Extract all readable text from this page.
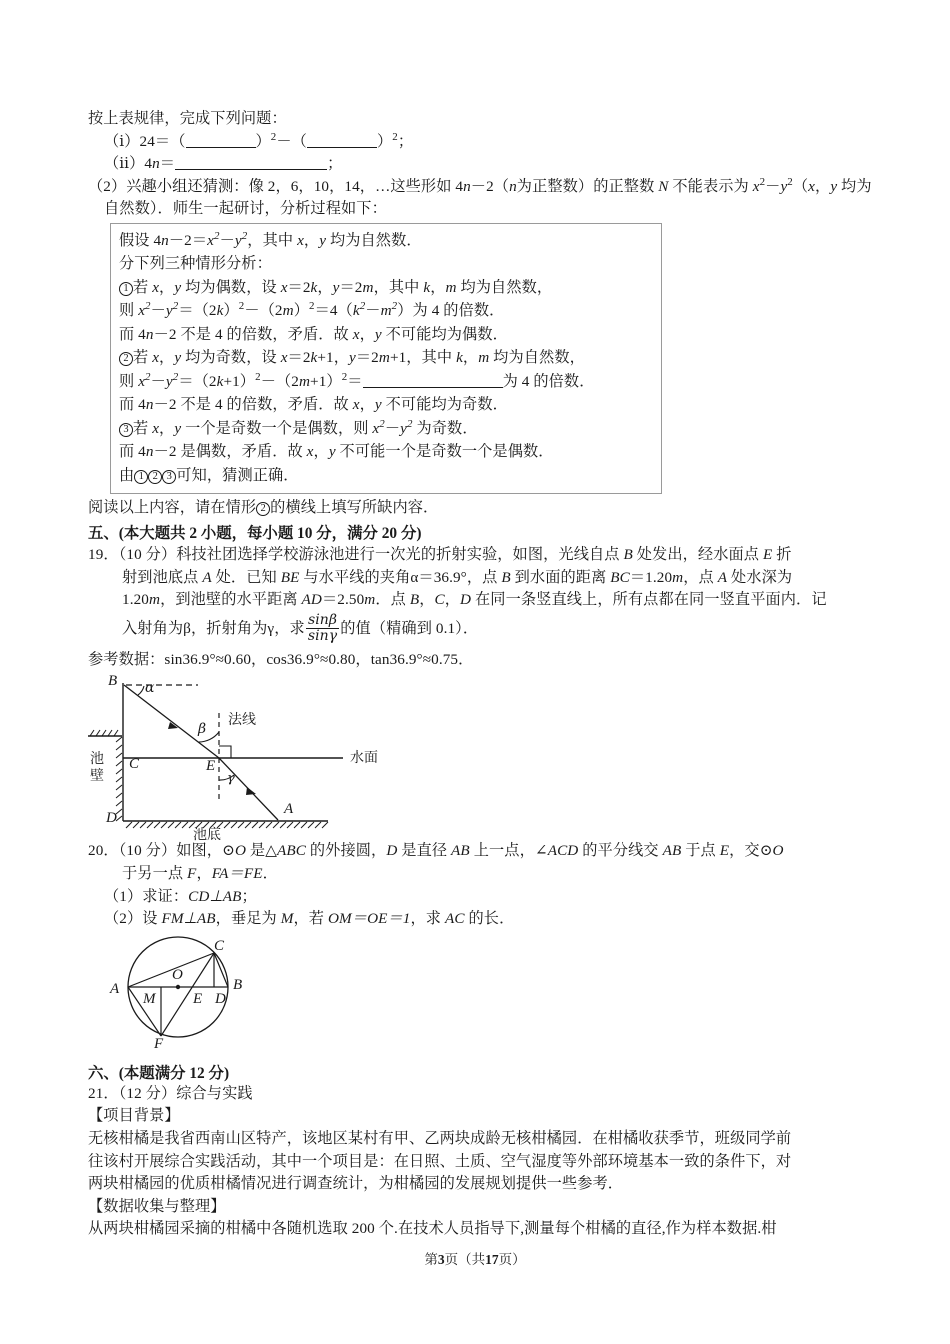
按上表规律，完成下列问题：
（ⅰ）24＝（	）$^2$－（	）$^2$；
（ⅱ）4n＝	；
（2）兴趣小组还猜测：像 2，6，10，14，…这些形如 4n－2（n为正整数）的正整数 N 不能表示为 $x^2-y^2(x$，y 均为自然数）．师生一起研讨，分析过程如下：
假设 $4n-2=x^2-y^2$，其中 x，y 均为自然数．
分下列三种情形分析：
1 若 x，y 均为偶数，设 x＝2k，y＝2m，其中 k，m 均为自然数，
则 $x^2-y^2=(2k)^2-(2m)^2=4(k^2-m^2)$为 4 的倍数．
而 4n－2 不是 4 的倍数，矛盾．故 x，y 不可能均为偶数．
2 若 x，y 均为奇数，设 x＝2k+1，y＝2m+1，其中 k，m 均为自然数，
则 $x^2-y^2=(2k+1)^2-(2m+1)^2=$	为 4 的倍数．
而 4n－2 不是 4 的倍数，矛盾．故 x，y 不可能均为奇数．
3 若 x，y 一个是奇数一个是偶数，则 $x^2-y^2$ 为奇数．
而 4n－2 是偶数，矛盾．故 x，y 不可能一个是奇数一个是偶数．
由 1 2 3 可知，猜测正确．
阅读以上内容，请在情形 2 的横线上填写所缺内容．
五、(本大题共 2 小题，每小题 10 分，满分 20 分)
19．（10 分）科技社团选择学校游泳池进行一次光的折射实验，如图，光线自点 B 处发出，经水面点 E 折
射到池底点 A 处．已知 BE 与水平线的夹角α＝36.9°，点 B 到水面的距离 BC＝1.20m，点 A 处水深为
1.20m，到池壁的水平距离 AD＝2.50m．点 B，C，D 在同一条竖直线上，所有点都在同一竖直平面内．记
入射角为β，折射角为γ，求 $\frac{\sin\beta}{\sin\gamma}$ 的值（精确到 0.1）．
参考数据：sin36.9°≈0.60，cos36.9°≈0.80，tan36.9°≈0.75．
B
C
D
E
A
α
β
γ
法线
水面
池壁
池底
20．（10 分）如图，⊙O 是△ABC 的外接圆，D 是直径 AB 上一点，∠ACD 的平分线交 AB 于点 E，交⊙O
于另一点 F，FA＝FE．
（1）求证：CD⊥AB；
（2）设 FM⊥AB，垂足为 M，若 OM＝OE＝1，求 AC 的长．
A	B
C
D
E
F
M
O
六、(本题满分 12 分)
21．（12 分）综合与实践
【项目背景】
无核柑橘是我省西南山区特产，该地区某村有甲、乙两块成龄无核柑橘园．在柑橘收获季节，班级同学前
往该村开展综合实践活动，其中一个项目是：在日照、土质、空气湿度等外部环境基本一致的条件下，对
两块柑橘园的优质柑橘情况进行调查统计，为柑橘园的发展规划提供一些参考．
【数据收集与整理】
从两块柑橘园采摘的柑橘中各随机选取 200 个.在技术人员指导下,测量每个柑橘的直径,作为样本数据.柑
第3页（共17页）
